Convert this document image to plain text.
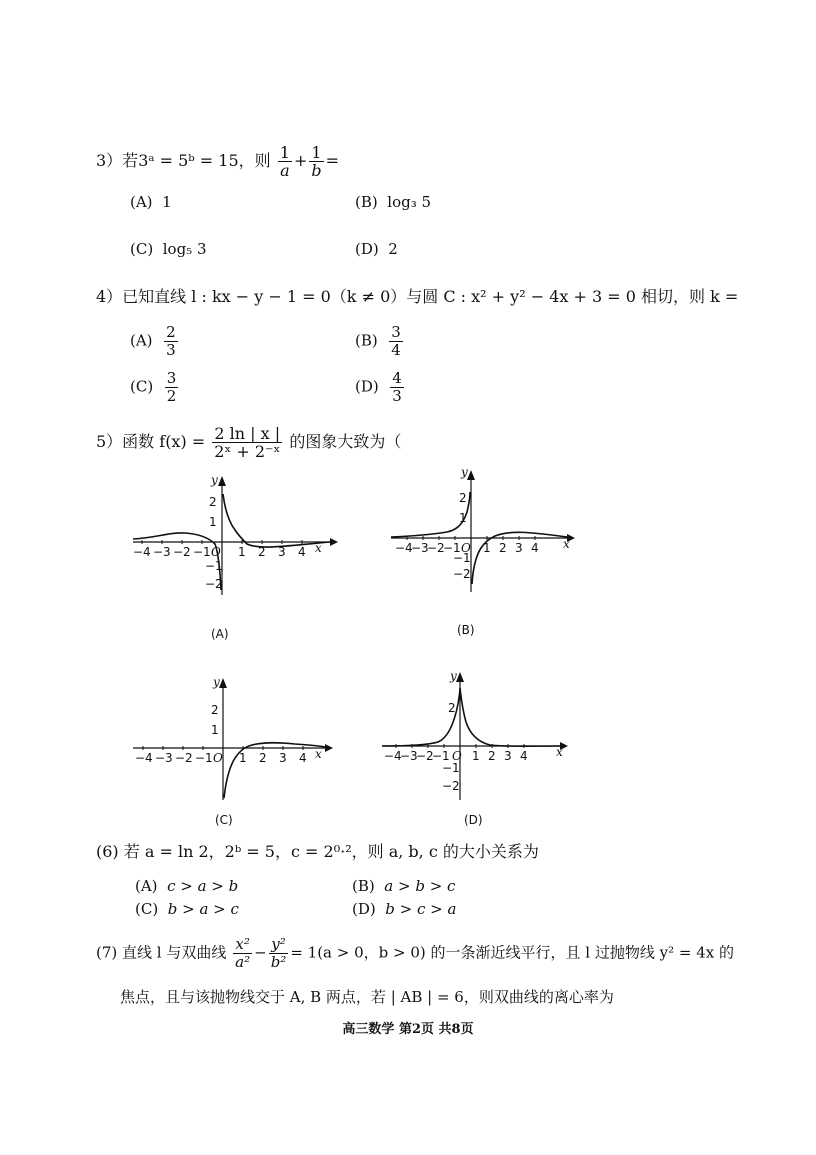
3）若3ᵃ = 5ᵇ = 15，则 $\frac{1}{a} + \frac{1}{b}$ =
(A) 1	(B) log₃ 5
(C) log₅ 3	(D) 2
4）已知直线 l : kx − y − 1 = 0（k ≠ 0）与圆 C : x² + y² − 4x + 3 = 0 相切，则 k =
$(A) \frac{2}{3}$	$(B) \frac{3}{4}$
$(C) \frac{3}{2}$	$(D) \frac{4}{3}$
5）函数 $f(x) = \frac{2 \ln | x |}{\text{2ˣ + 2⁻ˣ}}$ 的图象大致为（
−4 −3 −2 −1 O 1 2 3 4
2
1
−1
−2
y
x
(A)
−4
−3
−2
−1 O 1 2 3 4
2
1
−1
−2
y
x
(B)
−4 −3 −2 −1 O 1 2 3 4
2
1
y
x
(C)
−4
−3
−2
−1 O 1 2 3 4
2
−1
−2
y
x
(D)
(6) 若 a = ln 2，2ᵇ = 5，c = 2⁰·²，则 a, b, c 的大小关系为
(A) c > a > b	(B) a > b > c
(C) b > a > c	(D) b > c > a
(7) 直线 l 与双曲线 $\frac{\text{x²}}{\text{a²}} - \frac{\text{y²}}{\text{b²}} = 1(a > 0$，b > 0) 的一条渐近线平行，且 l 过抛物线 y² = 4x 的
焦点，且与该抛物线交于 A, B 两点，若 | AB | = 6，则双曲线的离心率为
高三数学 第2页 共8页
